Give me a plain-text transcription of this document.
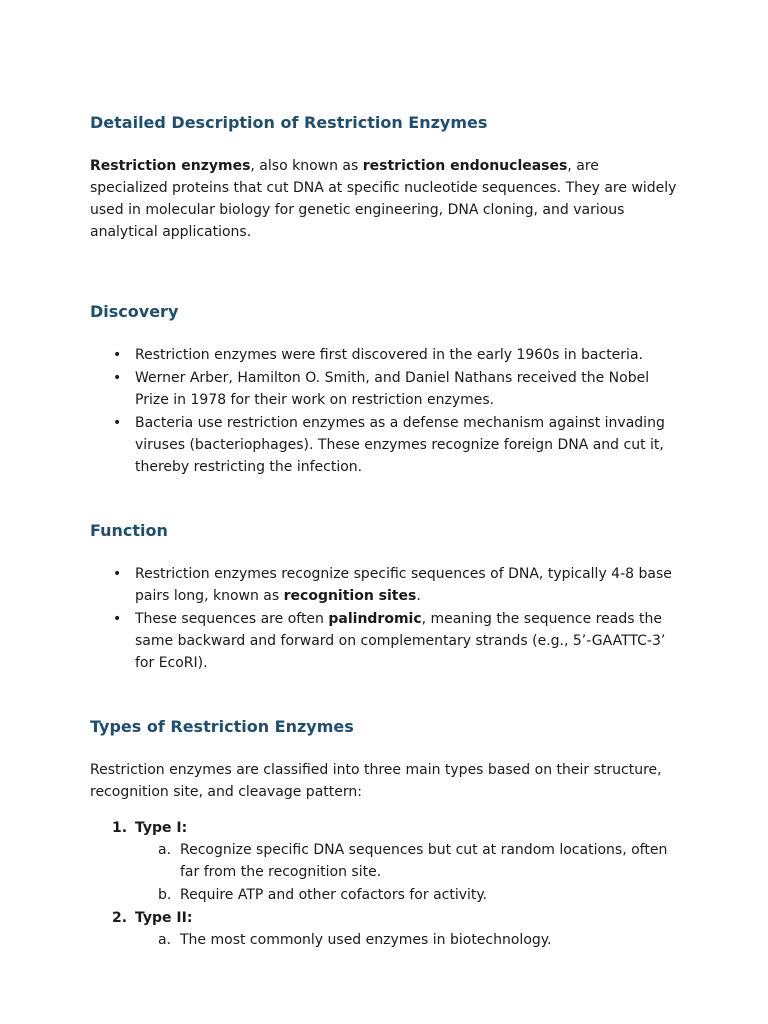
Detailed Description of Restriction Enzymes

Restriction enzymes, also known as restriction endonucleases, are specialized proteins that cut DNA at specific nucleotide sequences. They are widely used in molecular biology for genetic engineering, DNA cloning, and various analytical applications.

Discovery
• Restriction enzymes were first discovered in the early 1960s in bacteria.
• Werner Arber, Hamilton O. Smith, and Daniel Nathans received the Nobel Prize in 1978 for their work on restriction enzymes.
• Bacteria use restriction enzymes as a defense mechanism against invading viruses (bacteriophages). These enzymes recognize foreign DNA and cut it, thereby restricting the infection.
Function
• Restriction enzymes recognize specific sequences of DNA, typically 4-8 base pairs long, known as recognition sites.
• These sequences are often palindromic, meaning the sequence reads the same backward and forward on complementary strands (e.g., 5’-GAATTC-3’ for EcoRI).
Types of Restriction Enzymes

Restriction enzymes are classified into three main types based on their structure, recognition site, and cleavage pattern:

1. Type I:
a. Recognize specific DNA sequences but cut at random locations, often far from the recognition site.
b. Require ATP and other cofactors for activity.
2. Type II:
a. The most commonly used enzymes in biotechnology.
